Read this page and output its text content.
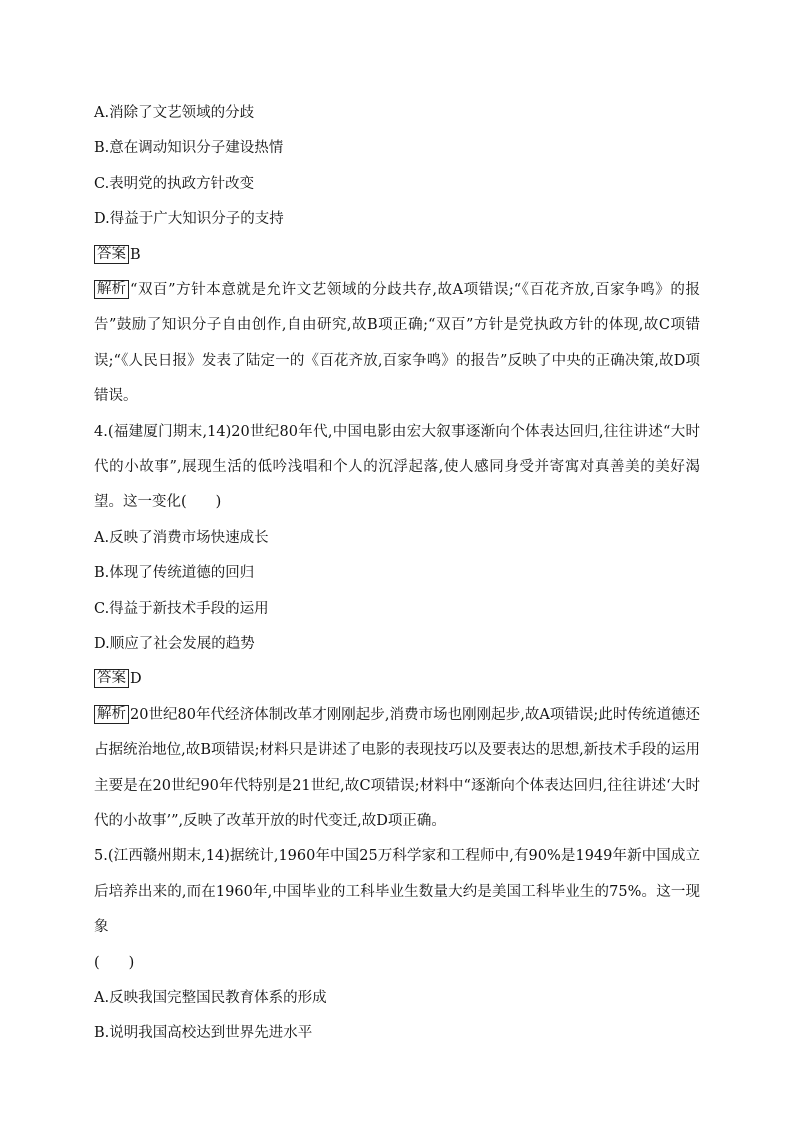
A.消除了文艺领域的分歧
B.意在调动知识分子建设热情
C.表明党的执政方针改变
D.得益于广大知识分子的支持
答案 B
解析 “双百”方针本意就是允许文艺领域的分歧共存,故A项错误;“《百花齐放,百家争鸣》的报告”鼓励了知识分子自由创作,自由研究,故B项正确;“双百”方针是党执政方针的体现,故C项错误;“《人民日报》发表了陆定一的《百花齐放,百家争鸣》的报告”反映了中央的正确决策,故D项错误。
4.(福建厦门期末,14)20世纪80年代,中国电影由宏大叙事逐渐向个体表达回归,往往讲述“大时代的小故事”,展现生活的低吟浅唱和个人的沉浮起落,使人感同身受并寄寓对真善美的美好渴望。这一变化(　　)
A.反映了消费市场快速成长
B.体现了传统道德的回归
C.得益于新技术手段的运用
D.顺应了社会发展的趋势
答案 D
解析 20世纪80年代经济体制改革才刚刚起步,消费市场也刚刚起步,故A项错误;此时传统道德还占据统治地位,故B项错误;材料只是讲述了电影的表现技巧以及要表达的思想,新技术手段的运用主要是在20世纪90年代特别是21世纪,故C项错误;材料中“逐渐向个体表达回归,往往讲述‘大时代的小故事’”,反映了改革开放的时代变迁,故D项正确。
5.(江西赣州期末,14)据统计,1960年中国25万科学家和工程师中,有90%是1949年新中国成立后培养出来的,而在1960年,中国毕业的工科毕业生数量大约是美国工科毕业生的75%。这一现象
(　　)
A.反映我国完整国民教育体系的形成
B.说明我国高校达到世界先进水平
